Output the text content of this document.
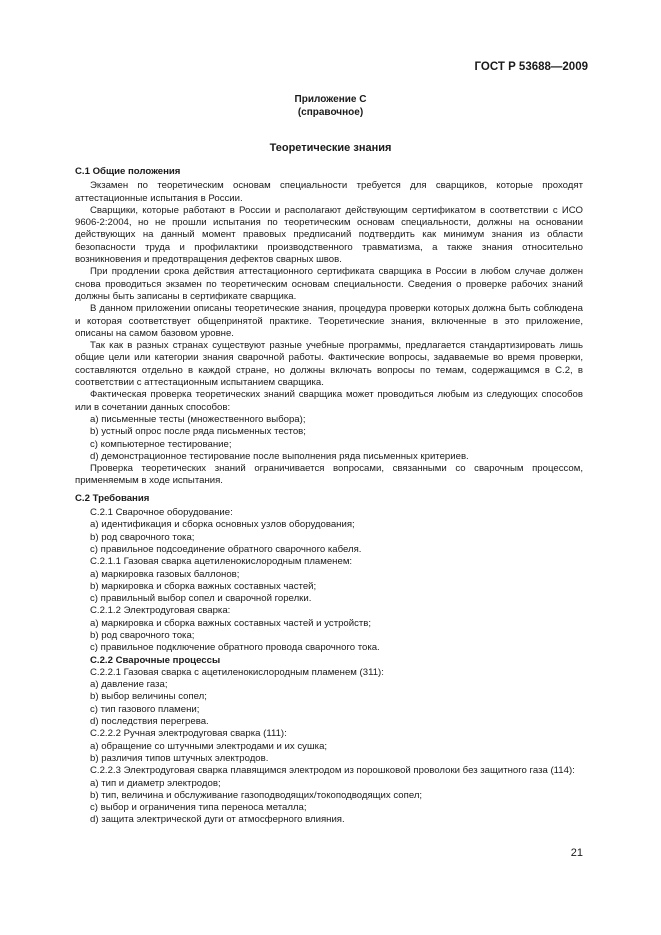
ГОСТ Р 53688—2009
Приложение С
(справочное)
Теоретические знания
С.1 Общие положения

Экзамен по теоретическим основам специальности требуется для сварщиков, которые проходят аттестационные испытания в России.

Сварщики, которые работают в России и располагают действующим сертификатом в соответствии с ИСО 9606-2:2004, но не прошли испытания по теоретическим основам специальности, должны на основании действующих на данный момент правовых предписаний подтвердить как минимум знания из области безопасности труда и профилактики производственного травматизма, а также знания относительно возникновения и предотвращения дефектов сварных швов.

При продлении срока действия аттестационного сертификата сварщика в России в любом случае должен снова проводиться экзамен по теоретическим основам специальности. Сведения о проверке рабочих знаний должны быть записаны в сертификате сварщика.

В данном приложении описаны теоретические знания, процедура проверки которых должна быть соблюдена и которая соответствует общепринятой практике. Теоретические знания, включенные в это приложение, описаны на самом базовом уровне.

Так как в разных странах существуют разные учебные программы, предлагается стандартизировать лишь общие цели или категории знания сварочной работы. Фактические вопросы, задаваемые во время проверки, составляются отдельно в каждой стране, но должны включать вопросы по темам, содержащимся в С.2, в соответствии с аттестационным испытанием сварщика.

Фактическая проверка теоретических знаний сварщика может проводиться любым из следующих способов или в сочетании данных способов:

a) письменные тесты (множественного выбора);
b) устный опрос после ряда письменных тестов;
c) компьютерное тестирование;
d) демонстрационное тестирование после выполнения ряда письменных критериев.

Проверка теоретических знаний ограничивается вопросами, связанными со сварочным процессом, применяемым в ходе испытания.

С.2 Требования
С.2.1 Сварочное оборудование:
a) идентификация и сборка основных узлов оборудования;
b) род сварочного тока;
c) правильное подсоединение обратного сварочного кабеля.
С.2.1.1 Газовая сварка ацетиленокислородным пламенем:
a) маркировка газовых баллонов;
b) маркировка и сборка важных составных частей;
c) правильный выбор сопел и сварочной горелки.
С.2.1.2 Электродуговая сварка:
a) маркировка и сборка важных составных частей и устройств;
b) род сварочного тока;
c) правильное подключение обратного провода сварочного тока.
С.2.2 Сварочные процессы
С.2.2.1 Газовая сварка с ацетиленокислородным пламенем (311):
a) давление газа;
b) выбор величины сопел;
c) тип газового пламени;
d) последствия перегрева.
С.2.2.2 Ручная электродуговая сварка (111):
a) обращение со штучными электродами и их сушка;
b) различия типов штучных электродов.

С.2.2.3 Электродуговая сварка плавящимся электродом из порошковой проволоки без защитного газа (114):

a) тип и диаметр электродов;
b) тип, величина и обслуживание газоподводящих/токоподводящих сопел;
c) выбор и ограничения типа переноса металла;
d) защита электрической дуги от атмосферного влияния.
21
